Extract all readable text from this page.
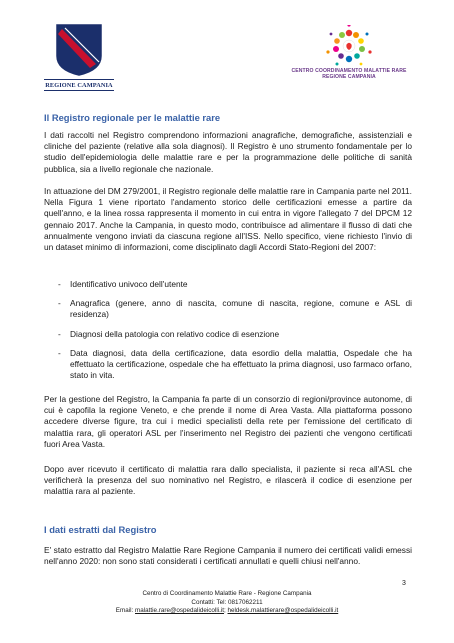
REGIONE CAMPANIA
CENTRO COORDINAMENTO MALATTIE RARE
REGIONE CAMPANIA
Il Registro regionale per le malattie rare
I dati raccolti nel Registro comprendono informazioni anagrafiche, demografiche, assistenziali e cliniche del paziente (relative alla sola diagnosi). Il Registro è uno strumento fondamentale per lo studio dell'epidemiologia delle malattie rare e per la programmazione delle politiche di sanità pubblica, sia a livello regionale che nazionale.
In attuazione del DM 279/2001, il Registro regionale delle malattie rare in Campania parte nel 2011. Nella Figura 1 viene riportato l'andamento storico delle certificazioni emesse a partire da quell'anno, e la linea rossa rappresenta il momento in cui entra in vigore l'allegato 7 del DPCM 12 gennaio 2017. Anche la Campania, in questo modo, contribuisce ad alimentare il flusso di dati che annualmente vengono inviati da ciascuna regione all'ISS. Nello specifico, viene richiesto l'invio di un dataset minimo di informazioni, come disciplinato dagli Accordi Stato-Regioni del 2007:
- Identificativo univoco dell'utente
- Anagrafica (genere, anno di nascita, comune di nascita, regione, comune e ASL di residenza)
- Diagnosi della patologia con relativo codice di esenzione
- Data diagnosi, data della certificazione, data esordio della malattia, Ospedale che ha effettuato la certificazione, ospedale che ha effettuato la prima diagnosi, uso farmaco orfano, stato in vita.
Per la gestione del Registro, la Campania fa parte di un consorzio di regioni/province autonome, di cui è capofila la regione Veneto, e che prende il nome di Area Vasta. Alla piattaforma possono accedere diverse figure, tra cui i medici specialisti della rete per l'emissione del certificato di malattia rara, gli operatori ASL per l'inserimento nel Registro dei pazienti che vengono certificati fuori Area Vasta.
Dopo aver ricevuto il certificato di malattia rara dallo specialista, il paziente si reca all'ASL che verificherà la presenza del suo nominativo nel Registro, e rilascerà il codice di esenzione per malattia rara al paziente.
I dati estratti dal Registro
E' stato estratto dal Registro Malattie Rare Regione Campania il numero dei certificati validi emessi nell'anno 2020: non sono stati considerati i certificati annullati e quelli chiusi nell'anno.
3
Centro di Coordinamento Malattie Rare - Regione Campania
Contatti: Tel: 0817062211
Email: malattie.rare@ospedalideicolli.it; heldesk.malattierare@ospedalideicolli.it
